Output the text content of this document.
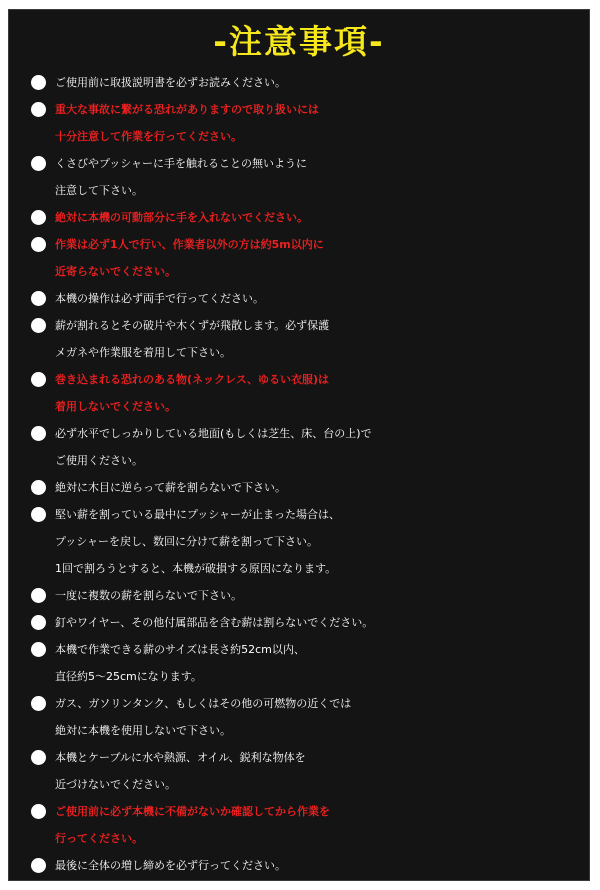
-注意事項-
ご使用前に取扱説明書を必ずお読みください。
重大な事故に繋がる恐れがありますので取り扱いには
十分注意して作業を行ってください。
くさびやプッシャーに手を触れることの無いように
注意して下さい。
絶対に本機の可動部分に手を入れないでください。
作業は必ず1人で行い、作業者以外の方は約5m以内に
近寄らないでください。
本機の操作は必ず両手で行ってください。
薪が割れるとその破片や木くずが飛散します。必ず保護
メガネや作業服を着用して下さい。
巻き込まれる恐れのある物(ネックレス、ゆるい衣服)は
着用しないでください。
必ず水平でしっかりしている地面(もしくは芝生、床、台の上)で
ご使用ください。
絶対に木目に逆らって薪を割らないで下さい。
堅い薪を割っている最中にプッシャーが止まった場合は、
プッシャーを戻し、数回に分けて薪を割って下さい。
1回で割ろうとすると、本機が破損する原因になります。
一度に複数の薪を割らないで下さい。
釘やワイヤー、その他付属部品を含む薪は割らないでください。
本機で作業できる薪のサイズは長さ約52cm以内、
直径約5～25cmになります。
ガス、ガソリンタンク、もしくはその他の可燃物の近くでは
絶対に本機を使用しないで下さい。
本機とケーブルに水や熱源、オイル、鋭利な物体を
近づけないでください。
ご使用前に必ず本機に不備がないか確認してから作業を
行ってください。
最後に全体の増し締めを必ず行ってください。
